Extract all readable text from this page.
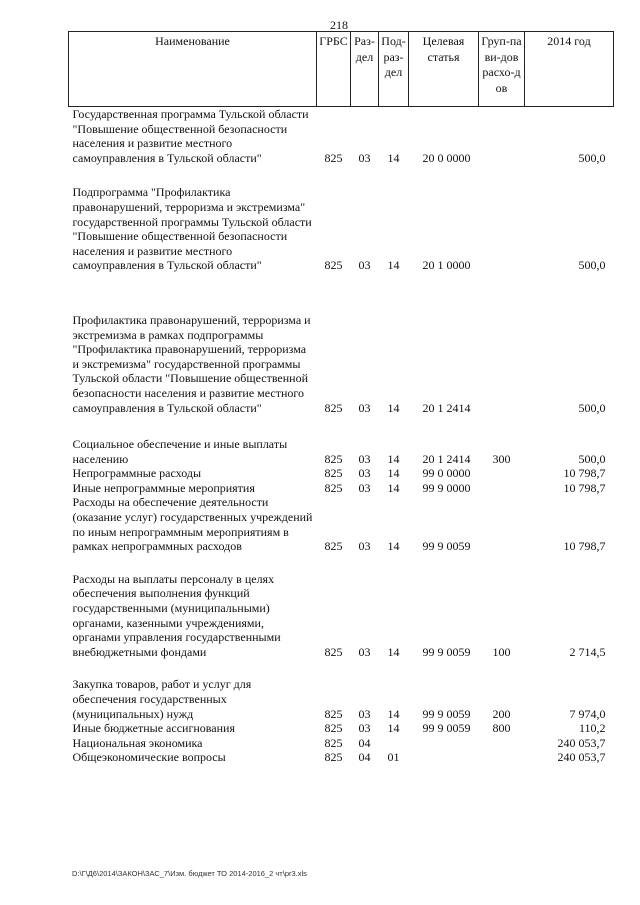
218
Наименование	ГРБС	Раз-дел	Под-раз-дел	Целевая статья	Груп-па ви-дов расхо-дов	2014 год
Государственная программа Тульской области "Повышение общественной безопасности населения и развитие местного самоуправления в Тульской области"	825	03	14	20 0 0000		500,0

Подпрограмма "Профилактика правонарушений, терроризма и экстремизма" государственной программы Тульской области "Повышение общественной безопасности населения и развитие местного самоуправления в Тульской области"	825	03	14	20 1 0000		500,0

Профилактика правонарушений, терроризма и экстремизма в рамках подпрограммы "Профилактика правонарушений, терроризма и экстремизма" государственной программы Тульской области "Повышение общественной безопасности населения и развитие местного самоуправления в Тульской области"	825	03	14	20 1 2414		500,0

Социальное обеспечение и иные выплаты населению	825	03	14	20 1 2414	300	500,0
Непрограммные расходы	825	03	14	99 0 0000		10 798,7
Иные непрограммные мероприятия	825	03	14	99 9 0000		10 798,7
Расходы на обеспечение деятельности (оказание услуг) государственных учреждений по иным непрограммным мероприятиям в рамках непрограммных расходов	825	03	14	99 9 0059		10 798,7

Расходы на выплаты персоналу в целях обеспечения выполнения функций государственными (муниципальными) органами, казенными учреждениями, органами управления государственными внебюджетными фондами	825	03	14	99 9 0059	100	2 714,5

Закупка товаров, работ и услуг для обеспечения государственных (муниципальных) нужд	825	03	14	99 9 0059	200	7 974,0
Иные бюджетные ассигнования	825	03	14	99 9 0059	800	110,2
Национальная экономика	825	04				240 053,7
Общеэкономические вопросы	825	04	01			240 053,7
D:\Г\Д6\2014\ЗАКОН\ЗАС_7\Изм. бюджет ТО 2014-2016_2 чт\pr3.xls
